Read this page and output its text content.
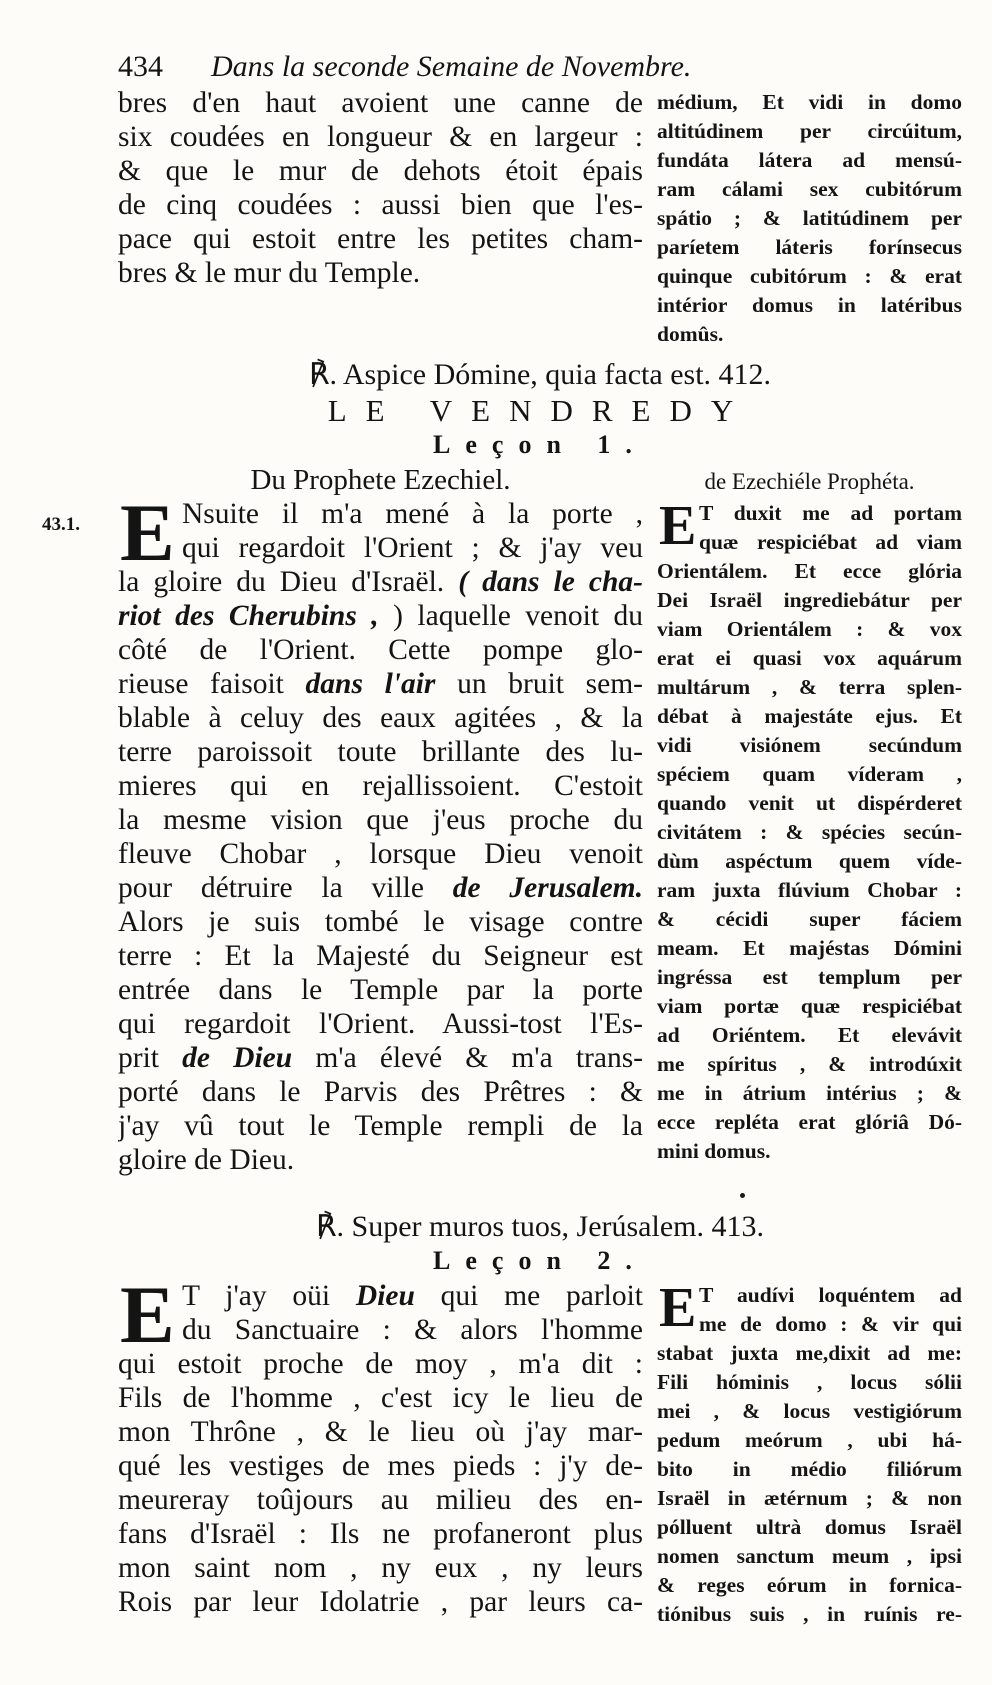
434 Dans la seconde Semaine de Novembre.
bres d'en haut avoient une canne de
six coudées en longueur & en largeur :
& que le mur de dehots étoit épais
de cinq coudées : aussi bien que l'es-
pace qui estoit entre les petites cham-
bres & le mur du Temple.
médium, Et vidi in domo
altitúdinem per circúitum,
fundáta látera ad mensú-
ram cálami sex cubitórum
spátio ; & latitúdinem per
paríetem láteris forínsecus
quinque cubitórum : & erat
intérior domus in latéribus
domûs.
℟. Aspice Dómine, quia facta est. 412.
LE VENDREDY
Leçon 1.
Du Prophete Ezechiel.	de Ezechiéle Prophéta.
43.1. E Nsuite il m'a mené à la porte ,
qui regardoit l'Orient ; & j'ay veu
la gloire du Dieu d'Israël. ( dans le cha-
riot des Cherubins , ) laquelle venoit du
côté de l'Orient. Cette pompe glo-
rieuse faisoit dans l'air un bruit sem-
blable à celuy des eaux agitées , & la
terre paroissoit toute brillante des lu-
mieres qui en rejallissoient. C'estoit
la mesme vision que j'eus proche du
fleuve Chobar , lorsque Dieu venoit
pour détruire la ville de Jerusalem.
Alors je suis tombé le visage contre
terre : Et la Majesté du Seigneur est
entrée dans le Temple par la porte
qui regardoit l'Orient. Aussi-tost l'Es-
prit de Dieu m'a élevé & m'a trans-
porté dans le Parvis des Prêtres : &
j'ay vû tout le Temple rempli de la
gloire de Dieu.
E T duxit me ad portam
quæ respiciébat ad viam
Orientálem. Et ecce glória
Dei Israël ingrediebátur per
viam Orientálem : & vox
erat ei quasi vox aquárum
multárum , & terra splen-
débat à majestáte ejus. Et
vidi visiónem secúndum
spéciem quam víderam ,
quando venit ut dispérderet
civitátem : & spécies secún-
dùm aspéctum quem víde-
ram juxta flúvium Chobar :
& cécidi super fáciem
meam. Et majéstas Dómini
ingréssa est templum per
viam portæ quæ respiciébat
ad Oriéntem. Et elevávit
me spíritus , & introdúxit
me in átrium intérius ; &
ecce repléta erat glóriâ Dó-
mini domus.
℟. Super muros tuos, Jerúsalem. 413.
Leçon 2.
E T j'ay oüi Dieu qui me parloit
du Sanctuaire : & alors l'homme
qui estoit proche de moy , m'a dit :
Fils de l'homme , c'est icy le lieu de
mon Thrône , & le lieu où j'ay mar-
qué les vestiges de mes pieds : j'y de-
meureray toûjours au milieu des en-
fans d'Israël : Ils ne profaneront plus
mon saint nom , ny eux , ny leurs
Rois par leur Idolatrie , par leurs ca-
E T audívi loquéntem ad
me de domo : & vir qui
stabat juxta me,dixit ad me:
Fili hóminis , locus sólii
mei , & locus vestigiórum
pedum meórum , ubi há-
bito in médio filiórum
Israël in ætérnum ; & non
pólluent ultrà domus Israël
nomen sanctum meum , ipsi
& reges eórum in fornica-
tiónibus suis , in ruínis re-
